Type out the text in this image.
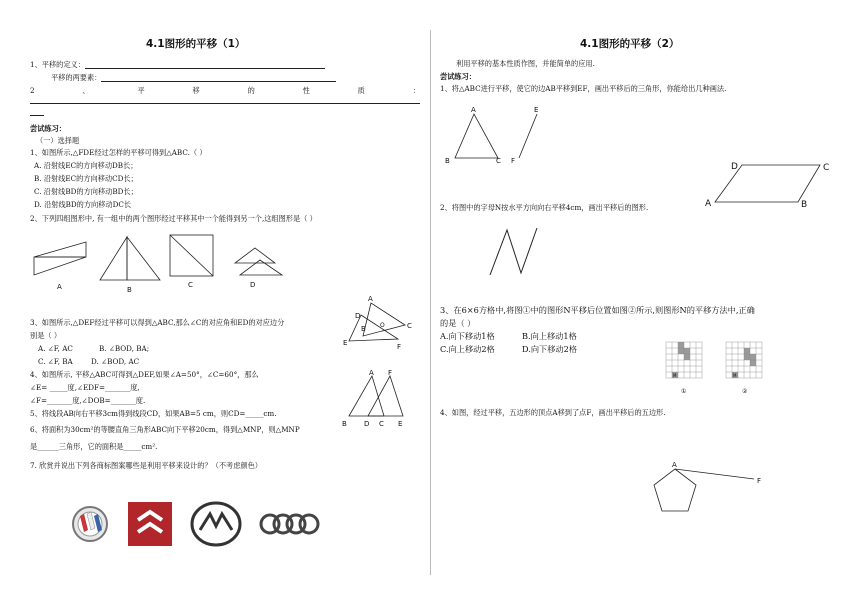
4.1图形的平移（1）
1、平移的定义：
平移的两要素：
2	、	平	移	的	性	质	：
尝试练习：
（一）选择题
1、如图所示,△FDE经过怎样的平移可得到△ABC.（ ）
A. 沿射线EC的方向移动DB长；
B. 沿射线EC的方向移动CD长；
C. 沿射线BD的方向移动BD长；
D. 沿射线BD的方向移动DC长
2、下列四组图形中, 有一组中的两个图形经过平移其中一个能得到另一个,这组图形是（ ）
A	B
C	D
3、如图所示,△DEF经过平移可以得到△ABC,那么∠C的对应角和ED的对应边分
别是（ ）
A. ∠F, AC	B. ∠BOD, BA;
C. ∠F, BA	D. ∠BOD, AC
A
D
O	C
E
B
F
4、如图所示, 平移△ABC可得到△DEF,如果∠A=50°，∠C=60°，那么
∠E= _____度,∠EDF=_______度,
∠F=_______度,∠DOB=_______度.
5、将线段AB向右平移3cm得到线段CD，如果AB=5 cm，则CD=_____cm.
6、将面积为30cm²的等腰直角三角形ABC向下平移20cm，得到△MNP，则△MNP
是______三角形，它的面积是_____cm².
7. 欣赏并说出下列各商标图案哪些是利用平移来设计的？（不考虑颜色）
A F
B D C E
4.1图形的平移（2）
利用平移的基本性质作图，并能简单的应用.
尝试练习：
1、将△ABC进行平移，使它的边AB平移到EF，画出平移后的三角形，你能给出几种画法.
A
B	C
E
F
D	C
A	B
2、将图中的字母N按水平方向向右平移4cm，画出平移后的图形.
3、在6×6方格中,将图①中的图形N平移后位置如图②所示,则图形N的平移方法中,正确
的是（ ）
A.向下移动1格	B.向上移动1格
C.向上移动2格	D.向下移动2格
M	M
①	②
4、如图，经过平移，五边形的顶点A移到了点F，画出平移后的五边形.
A
F
